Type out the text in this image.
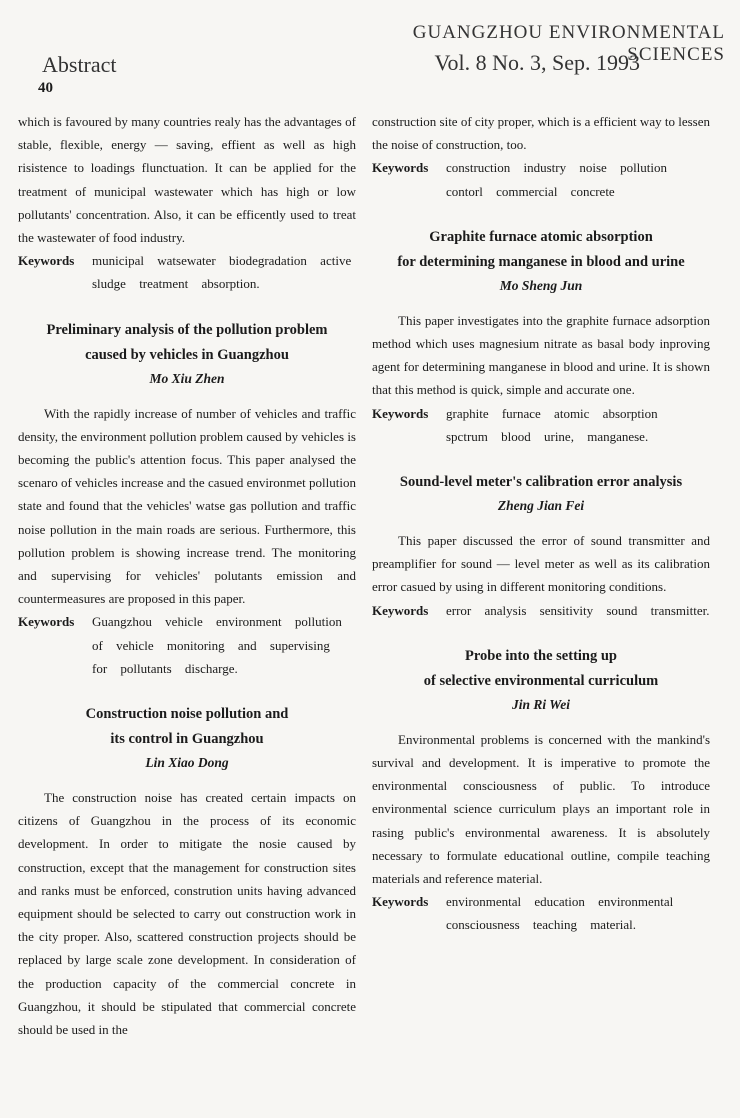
GUANGZHOU ENVIRONMENTAL SCIENCES
Abstract	Vol. 8 No. 3, Sep. 1993
40

which is favoured by many countries realy has the advantages of stable, flexible, energy — saving, effient as well as high risistence to loadings flunctuation. It can be applied for the treatment of municipal wastewater which has high or low pollutants' concentration. Also, it can be efficently used to treat the wastewater of food industry.

Keywords	municipal watsewater biodegradation active sludge treatment absorption.

Preliminary analysis of the pollution problem

caused by vehicles in Guangzhou

Mo Xiu Zhen

With the rapidly increase of number of vehicles and traffic density, the environment pollution problem caused by vehicles is becoming the public's attention focus. This paper analysed the scenaro of vehicles increase and the casued environmet pollution state and found that the vehicles' watse gas pollution and traffic noise pollution in the main roads are serious. Furthermore, this pollution problem is showing increase trend. The monitoring and supervising for vehicles' polutants emission and countermeasures are proposed in this paper.

Keywords	Guangzhou vehicle environment pollution of vehicle monitoring and supervising for pollutants discharge.

Construction noise pollution and

its control in Guangzhou

Lin Xiao Dong

The construction noise has created certain impacts on citizens of Guangzhou in the process of its economic development. In order to mitigate the nosie caused by construction, except that the management for construction sites and ranks must be enforced, constrution units having advanced equipment should be selected to carry out construction work in the city proper. Also, scattered construction projects should be replaced by large scale zone development. In consideration of the production capacity of the commercial concrete in Guangzhou, it should be stipulated that commercial concrete should be used in the

construction site of city proper, which is a efficient way to lessen the noise of construction, too.

Keywords	construction industry noise pollution contorl commercial concrete

Graphite furnace atomic absorption

for determining manganese in blood and urine

Mo Sheng Jun

This paper investigates into the graphite furnace adsorption method which uses magnesium nitrate as basal body inproving agent for determining manganese in blood and urine. It is shown that this method is quick, simple and accurate one.

Keywords	graphite furnace atomic absorption spctrum blood urine, manganese.

Sound-level meter's calibration error analysis

Zheng Jian Fei

This paper discussed the error of sound transmitter and preamplifier for sound — level meter as well as its calibration error casued by using in different monitoring conditions.

Keywords	error analysis sensitivity sound transmitter.

Probe into the setting up

of selective environmental curriculum

Jin Ri Wei

Environmental problems is concerned with the mankind's survival and development. It is imperative to promote the environmental consciousness of public. To introduce environmental science curriculum plays an important role in rasing public's environmental awareness. It is absolutely necessary to formulate educational outline, compile teaching materials and reference material.

Keywords	environmental education environmental consciousness teaching material.
